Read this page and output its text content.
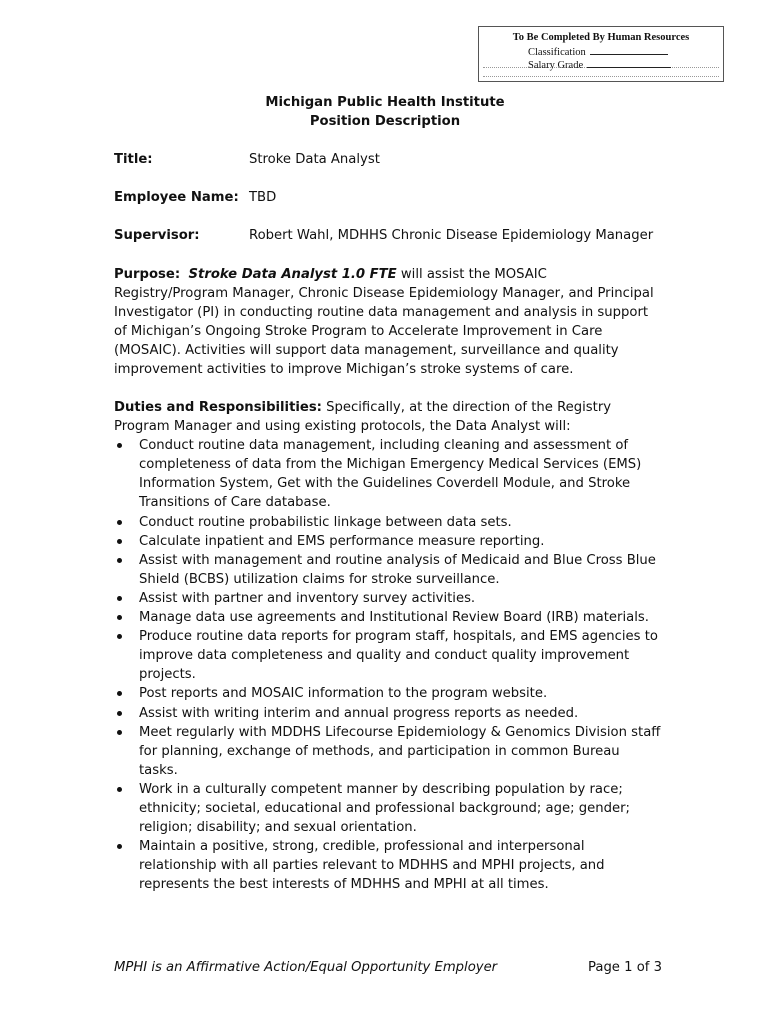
To Be Completed By Human Resources
Classification
Salary Grade
Michigan Public Health Institute
Position Description
Title:	Stroke Data Analyst
Employee Name: TBD
Supervisor:	Robert Wahl, MDHHS Chronic Disease Epidemiology Manager
Purpose: Stroke Data Analyst 1.0 FTE will assist the MOSAIC Registry/Program Manager, Chronic Disease Epidemiology Manager, and Principal Investigator (PI) in conducting routine data management and analysis in support of Michigan’s Ongoing Stroke Program to Accelerate Improvement in Care (MOSAIC). Activities will support data management, surveillance and quality improvement activities to improve Michigan’s stroke systems of care.
Duties and Responsibilities: Specifically, at the direction of the Registry Program Manager and using existing protocols, the Data Analyst will:
Conduct routine data management, including cleaning and assessment of completeness of data from the Michigan Emergency Medical Services (EMS) Information System, Get with the Guidelines Coverdell Module, and Stroke Transitions of Care database.
Conduct routine probabilistic linkage between data sets.
Calculate inpatient and EMS performance measure reporting.
Assist with management and routine analysis of Medicaid and Blue Cross Blue Shield (BCBS) utilization claims for stroke surveillance.
Assist with partner and inventory survey activities.
Manage data use agreements and Institutional Review Board (IRB) materials.
Produce routine data reports for program staff, hospitals, and EMS agencies to improve data completeness and quality and conduct quality improvement projects.
Post reports and MOSAIC information to the program website.
Assist with writing interim and annual progress reports as needed.
Meet regularly with MDDHS Lifecourse Epidemiology & Genomics Division staff for planning, exchange of methods, and participation in common Bureau tasks.
Work in a culturally competent manner by describing population by race; ethnicity; societal, educational and professional background; age; gender; religion; disability; and sexual orientation.
Maintain a positive, strong, credible, professional and interpersonal relationship with all parties relevant to MDHHS and MPHI projects, and represents the best interests of MDHHS and MPHI at all times.
MPHI is an Affirmative Action/Equal Opportunity Employer	Page 1 of 3
